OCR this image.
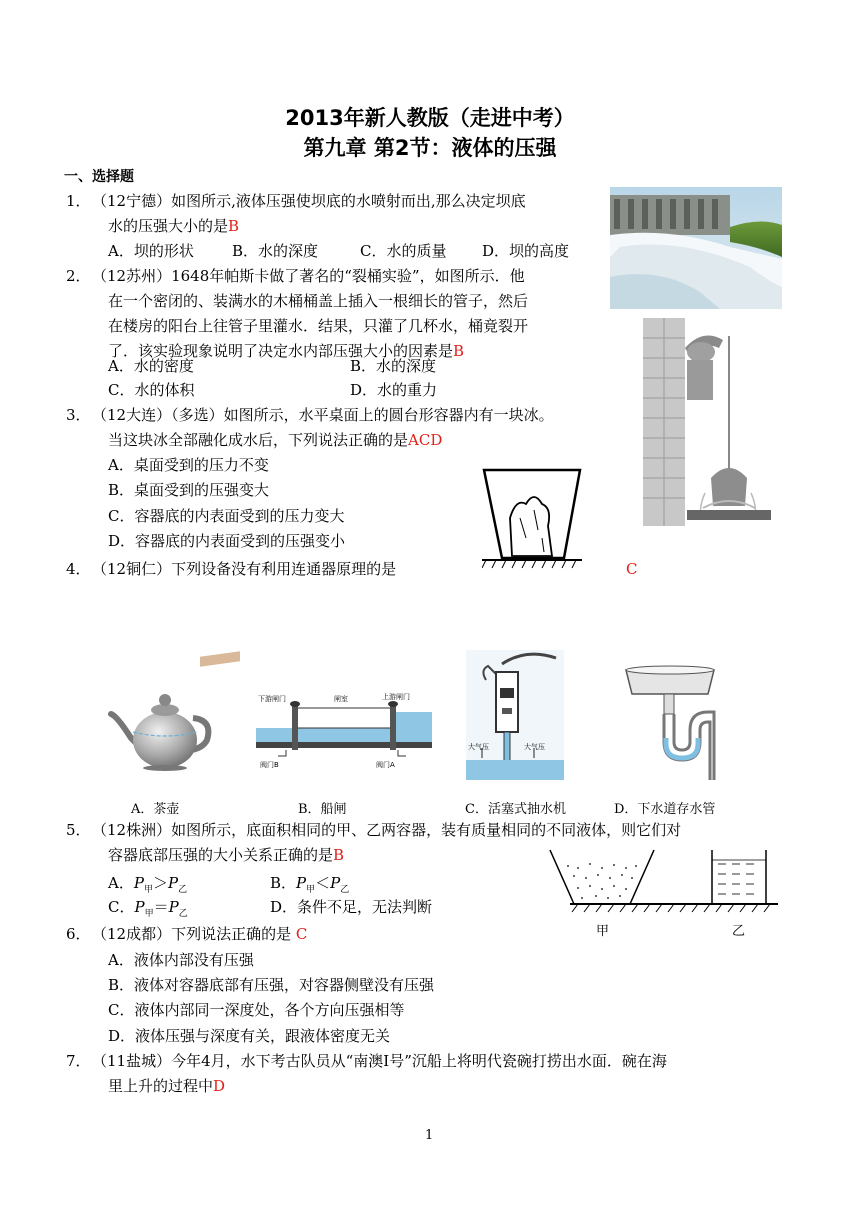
2013年新人教版（走进中考）
第九章 第2节：液体的压强
一、选择题
1． （12宁德）如图所示,液体压强使坝底的水喷射而出,那么决定坝底
水的压强大小的是B
A．坝的形状	B．水的深度	C．水的质量 D．坝的高度
2． （12苏州）1648年帕斯卡做了著名的“裂桶实验”，如图所示．他
在一个密闭的、装满水的木桶桶盖上插入一根细长的管子，然后
在楼房的阳台上往管子里灌水．结果，只灌了几杯水，桶竟裂开
了．该实验现象说明了决定水内部压强大小的因素是B
A．水的密度	B．水的深度
C．水的体积	D．水的重力
3． （12大连）（多选）如图所示，水平桌面上的圆台形容器内有一块冰。
当这块冰全部融化成水后，下列说法正确的是ACD
A．桌面受到的压力不变
B．桌面受到的压强变大
C．容器底的内表面受到的压力变大
D．容器底的内表面受到的压强变小
4． （12铜仁）下列设备没有利用连通器原理的是	C
下游闸门	闸室	上游闸门
阀门B	阀门A
大气压	大气压
A．茶壶	B．船闸	C．活塞式抽水机	D．下水道存水管
5． （12株洲）如图所示，底面积相同的甲、乙两容器，装有质量相同的不同液体，则它们对
容器底部压强的大小关系正确的是B
A．$P_甲>P_乙$	B．$P_甲<P_乙$
C．$P_甲=P_乙$	D．条件不足，无法判断
甲	乙
6． （12成都）下列说法正确的是 C
A．液体内部没有压强
B．液体对容器底部有压强，对容器侧壁没有压强
C．液体内部同一深度处，各个方向压强相等
D．液体压强与深度有关，跟液体密度无关
7． （11盐城）今年4月，水下考古队员从“南澳Ⅰ号”沉船上将明代瓷碗打捞出水面．碗在海
里上升的过程中D
1
